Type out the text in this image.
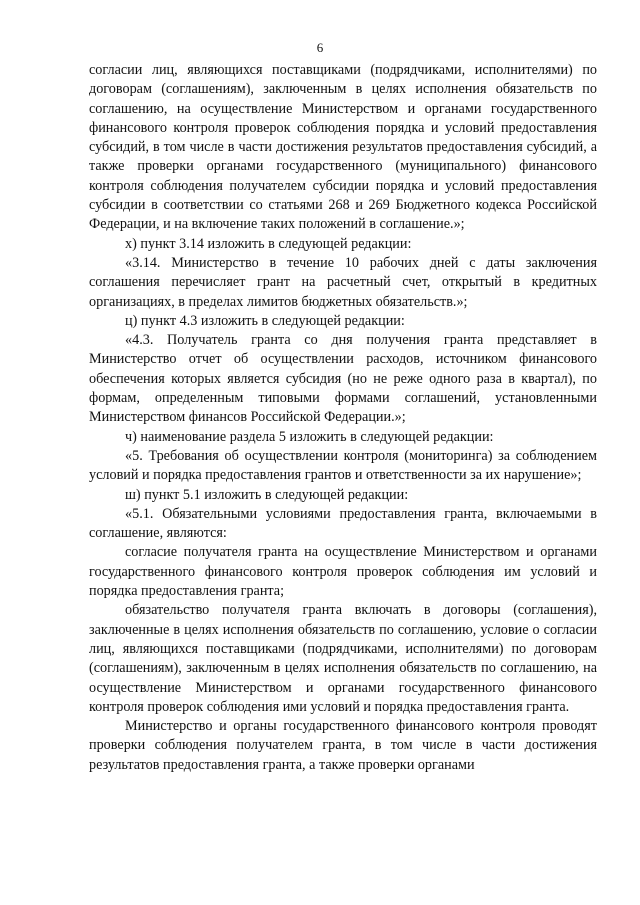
6

согласии лиц, являющихся поставщиками (подрядчиками, исполнителями) по договорам (соглашениям), заключенным в целях исполнения обязательств по соглашению, на осуществление Министерством и органами государственного финансового контроля проверок соблюдения порядка и условий предоставления субсидий, в том числе в части достижения результатов предоставления субсидий, а также проверки органами государственного (муниципального) финансового контроля соблюдения получателем субсидии порядка и условий предоставления субсидии в соответствии со статьями 268 и 269 Бюджетного кодекса Российской Федерации, и на включение таких положений в соглашение.»;

х) пункт 3.14 изложить в следующей редакции:

«3.14. Министерство в течение 10 рабочих дней с даты заключения соглашения перечисляет грант на расчетный счет, открытый в кредитных организациях, в пределах лимитов бюджетных обязательств.»;

ц) пункт 4.3 изложить в следующей редакции:

«4.3. Получатель гранта со дня получения гранта представляет в Министерство отчет об осуществлении расходов, источником финансового обеспечения которых является субсидия (но не реже одного раза в квартал), по формам, определенным типовыми формами соглашений, установленными Министерством финансов Российской Федерации.»;

ч) наименование раздела 5 изложить в следующей редакции:

«5. Требования об осуществлении контроля (мониторинга) за соблюдением условий и порядка предоставления грантов и ответственности за их нарушение»;

ш) пункт 5.1 изложить в следующей редакции:

«5.1. Обязательными условиями предоставления гранта, включаемыми в соглашение, являются:

согласие получателя гранта на осуществление Министерством и органами государственного финансового контроля проверок соблюдения им условий и порядка предоставления гранта;

обязательство получателя гранта включать в договоры (соглашения), заключенные в целях исполнения обязательств по соглашению, условие о согласии лиц, являющихся поставщиками (подрядчиками, исполнителями) по договорам (соглашениям), заключенным в целях исполнения обязательств по соглашению, на осуществление Министерством и органами государственного финансового контроля проверок соблюдения ими условий и порядка предоставления гранта.

Министерство и органы государственного финансового контроля проводят проверки соблюдения получателем гранта, в том числе в части достижения результатов предоставления гранта, а также проверки органами
